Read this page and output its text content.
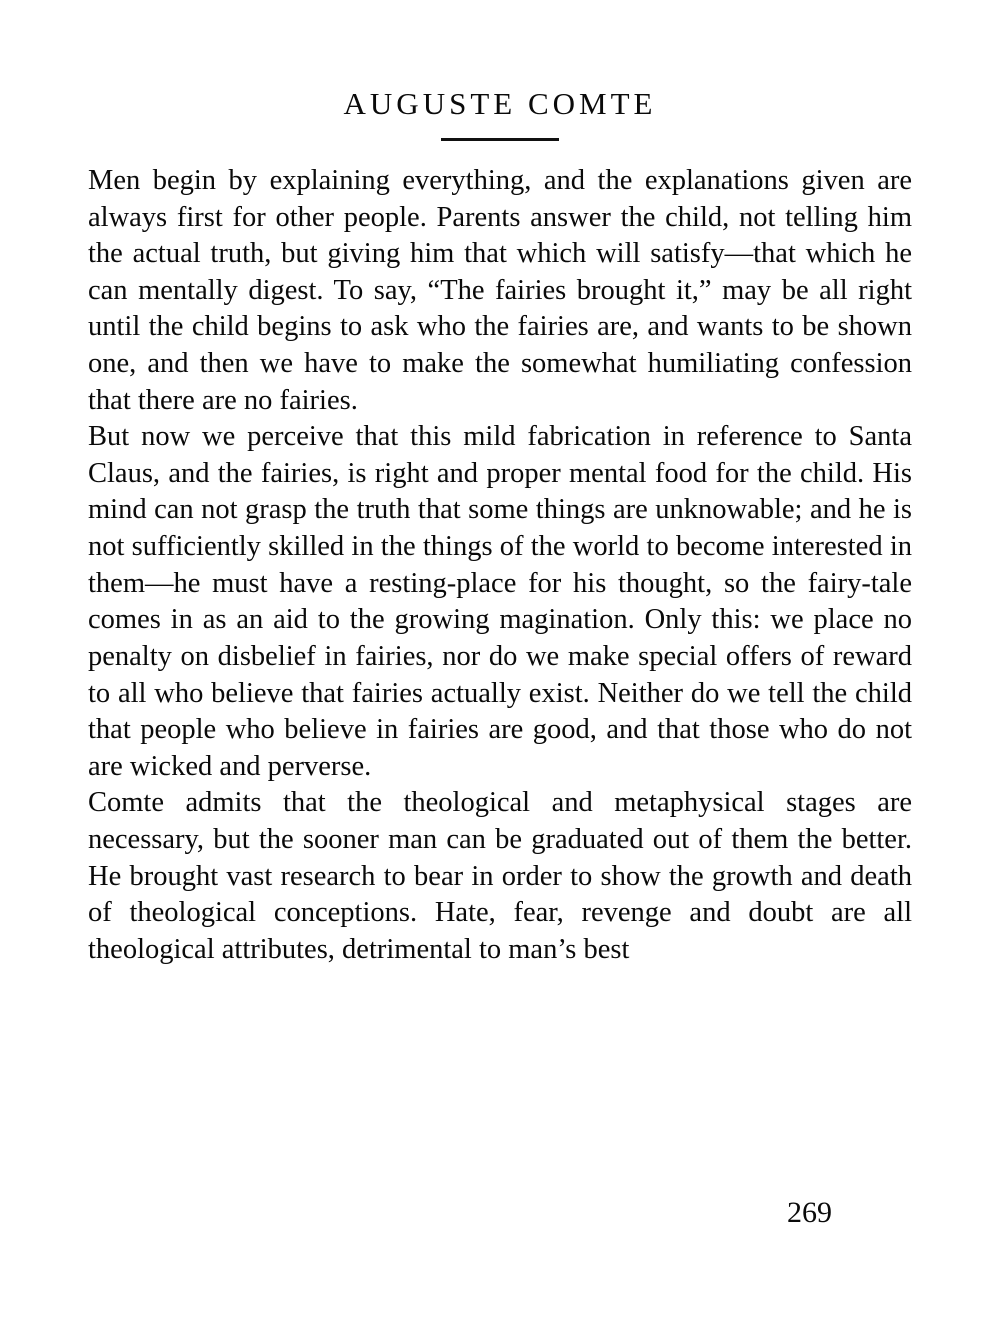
AUGUSTE COMTE

Men begin by explaining everything, and the explanations given are always first for other people. Parents answer the child, not telling him the actual truth, but giving him that which will satisfy—that which he can mentally digest. To say, “The fairies brought it,” may be all right until the child begins to ask who the fairies are, and wants to be shown one, and then we have to make the somewhat humiliating confession that there are no fairies.

But now we perceive that this mild fabrication in reference to Santa Claus, and the fairies, is right and proper mental food for the child. His mind can not grasp the truth that some things are unknowable; and he is not sufficiently skilled in the things of the world to become interested in them—he must have a resting-place for his thought, so the fairy-tale comes in as an aid to the growing magination. Only this: we place no penalty on disbelief in fairies, nor do we make special offers of reward to all who believe that fairies actually exist. Neither do we tell the child that people who believe in fairies are good, and that those who do not are wicked and perverse.

Comte admits that the theological and metaphysical stages are necessary, but the sooner man can be graduated out of them the better. He brought vast research to bear in order to show the growth and death of theological conceptions. Hate, fear, revenge and doubt are all theological attributes, detrimental to man’s best

269
